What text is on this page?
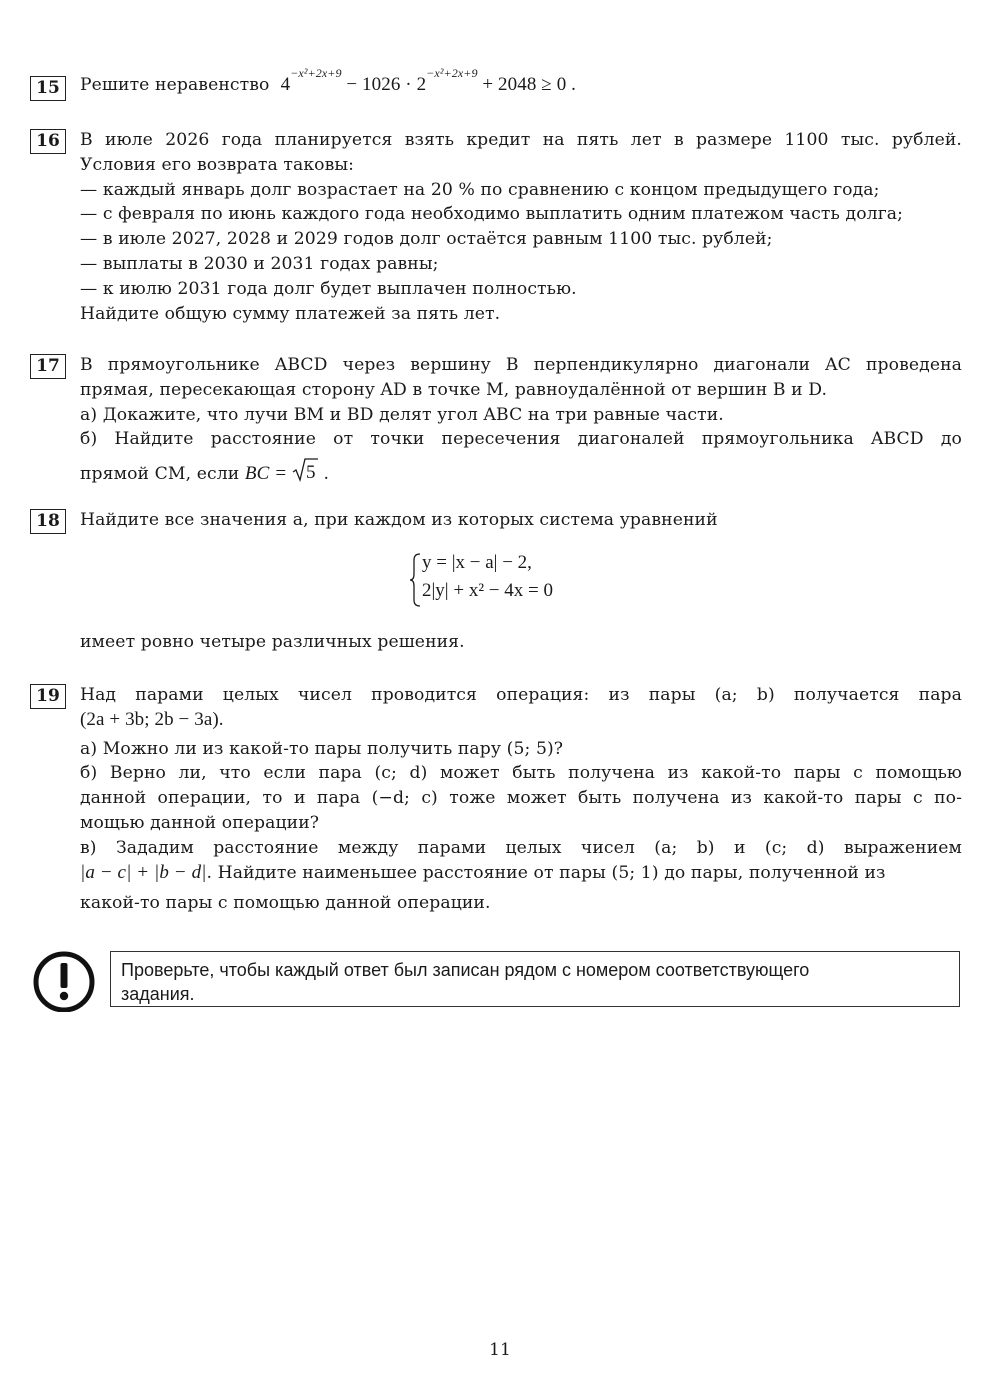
15	Решите неравенство $4^{-x^2+2x+9} - 1026 \cdot 2^{-x^2+2x+9} + 2048 \ge 0$ .
16	В июле 2026 года планируется взять кредит на пять лет в размере 1100 тыс. рублей.
Условия его возврата таковы:
— каждый январь долг возрастает на 20 % по сравнению с концом предыдущего года;
— с февраля по июнь каждого года необходимо выплатить одним платежом часть долга;
— в июле 2027, 2028 и 2029 годов долг остаётся равным 1100 тыс. рублей;
— выплаты в 2030 и 2031 годах равны;
— к июлю 2031 года долг будет выплачен полностью.
Найдите общую сумму платежей за пять лет.
17	В прямоугольнике ABCD через вершину B перпендикулярно диагонали AC проведена
прямая, пересекающая сторону AD в точке M, равноудалённой от вершин B и D.
а) Докажите, что лучи BM и BD делят угол ABC на три равные части.
б) Найдите расстояние от точки пересечения диагоналей прямоугольника ABCD до
прямой CM, если BC = 5 .
18	Найдите все значения a, при каждом из которых система уравнений
имеет ровно четыре различных решения.
y = |x − a| − 2,
2|y| + x² − 4x = 0
19	Над парами целых чисел проводится операция: из пары (a; b) получается пара
(2a + 3b; 2b − 3a).
а) Можно ли из какой-то пары получить пару (5; 5)?
б) Верно ли, что если пара (c; d) может быть получена из какой-то пары с помощью
данной операции, то и пара (−d; c) тоже может быть получена из какой-то пары с по-
мощью данной операции?
в) Зададим расстояние между парами целых чисел (a; b) и (c; d) выражением
|a − c| + |b − d|. Найдите наименьшее расстояние от пары (5; 1) до пары, полученной из
какой-то пары с помощью данной операции.
Проверьте, чтобы каждый ответ был записан рядом с номером соответствующего
задания.
11
